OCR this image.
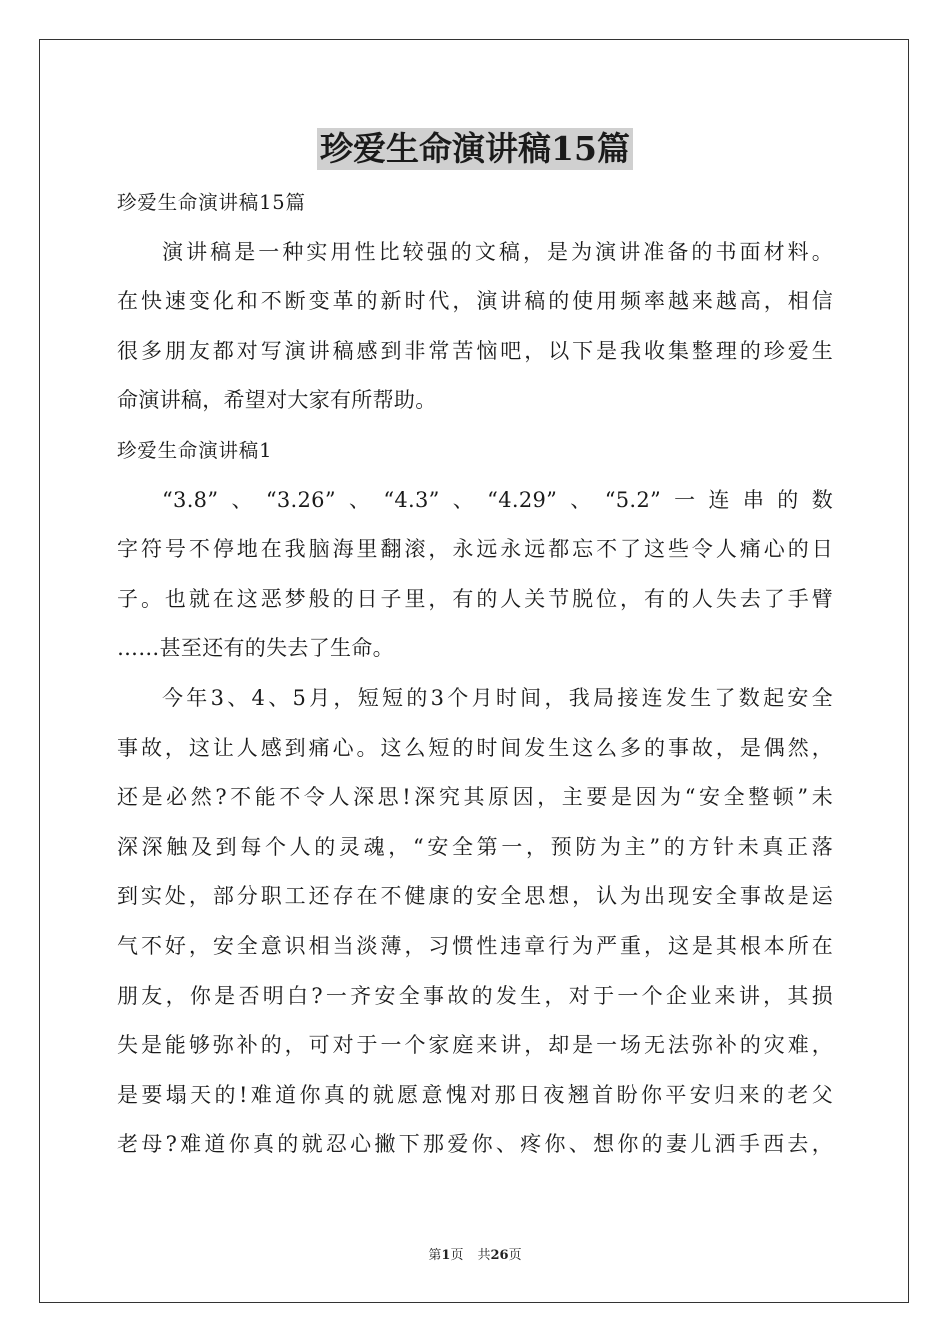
珍爱生命演讲稿15篇
珍爱生命演讲稿15篇
演讲稿是一种实用性比较强的文稿，是为演讲准备的书面材料。
在快速变化和不断变革的新时代，演讲稿的使用频率越来越高，相信
很多朋友都对写演讲稿感到非常苦恼吧，以下是我收集整理的珍爱生
命演讲稿，希望对大家有所帮助。
珍爱生命演讲稿1
“3.8”、“3.26”、“4.3”、“4.29”、“5.2”一连串的数
字符号不停地在我脑海里翻滚，永远永远都忘不了这些令人痛心的日
子。也就在这恶梦般的日子里，有的人关节脱位，有的人失去了手臂
……甚至还有的失去了生命。
今年3、4、5月，短短的3个月时间，我局接连发生了数起安全
事故，这让人感到痛心。这么短的时间发生这么多的事故，是偶然，
还是必然?不能不令人深思!深究其原因，主要是因为“安全整顿”未
深深触及到每个人的灵魂，“安全第一，预防为主”的方针未真正落
到实处，部分职工还存在不健康的安全思想，认为出现安全事故是运
气不好，安全意识相当淡薄，习惯性违章行为严重，这是其根本所在
朋友，你是否明白?一齐安全事故的发生，对于一个企业来讲，其损
失是能够弥补的，可对于一个家庭来讲，却是一场无法弥补的灾难，
是要塌天的!难道你真的就愿意愧对那日夜翘首盼你平安归来的老父
老母?难道你真的就忍心撇下那爱你、疼你、想你的妻儿洒手西去，
第1页 共26页
